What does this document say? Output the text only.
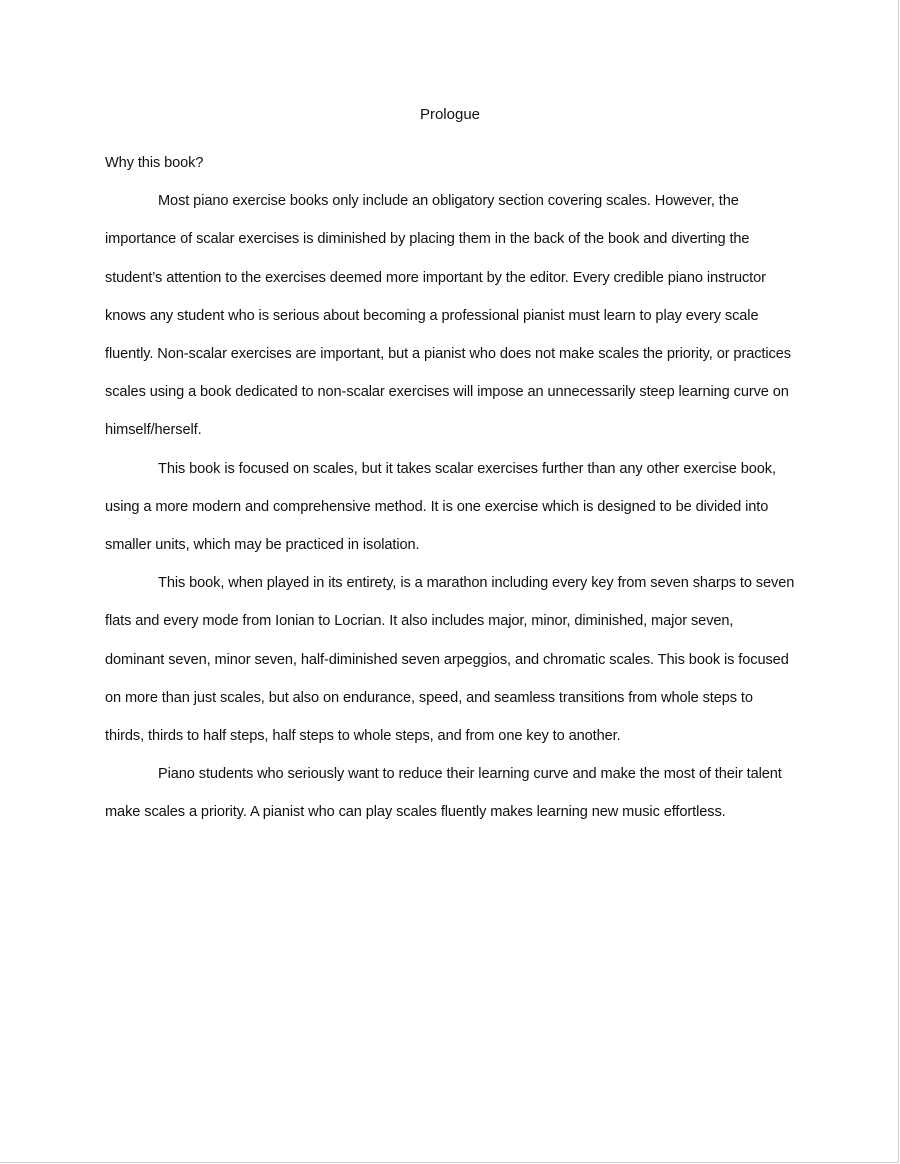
Prologue

Why this book?

Most piano exercise books only include an obligatory section covering scales. However, the importance of scalar exercises is diminished by placing them in the back of the book and diverting the student’s attention to the exercises deemed more important by the editor. Every credible piano instructor knows any student who is serious about becoming a professional pianist must learn to play every scale fluently. Non-scalar exercises are important, but a pianist who does not make scales the priority, or practices scales using a book dedicated to non-scalar exercises will impose an unnecessarily steep learning curve on himself/herself.

This book is focused on scales, but it takes scalar exercises further than any other exercise book, using a more modern and comprehensive method. It is one exercise which is designed to be divided into smaller units, which may be practiced in isolation.

This book, when played in its entirety, is a marathon including every key from seven sharps to seven flats and every mode from Ionian to Locrian. It also includes major, minor, diminished, major seven, dominant seven, minor seven, half-diminished seven arpeggios, and chromatic scales. This book is focused on more than just scales, but also on endurance, speed, and seamless transitions from whole steps to thirds, thirds to half steps, half steps to whole steps, and from one key to another.

Piano students who seriously want to reduce their learning curve and make the most of their talent make scales a priority. A pianist who can play scales fluently makes learning new music effortless.
